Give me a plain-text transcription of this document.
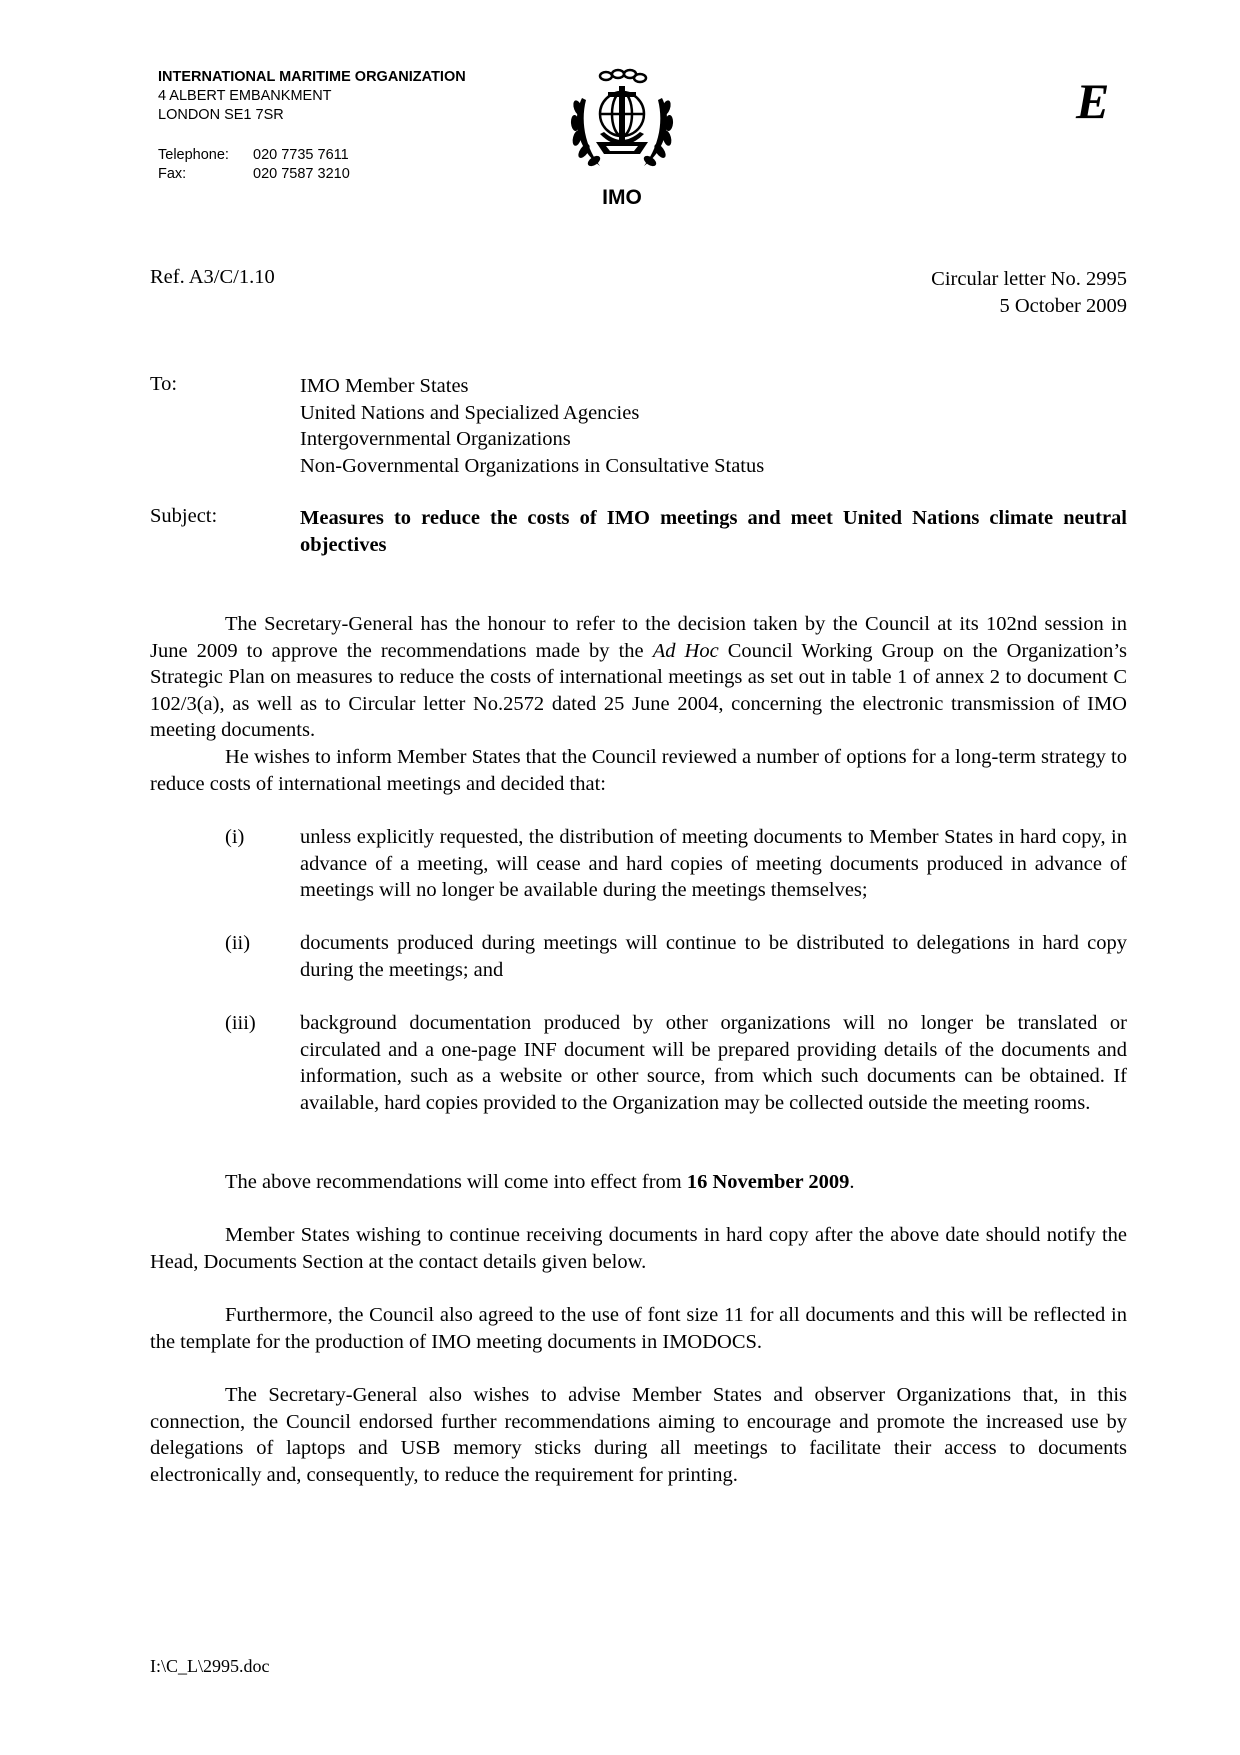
INTERNATIONAL MARITIME ORGANIZATION
4 ALBERT EMBANKMENT
LONDON SE1 7SR
Telephone:	020 7735 7611
Fax:	020 7587 3210
IMO
E
Ref. A3/C/1.10	Circular letter No. 2995
5 October 2009
To:	IMO Member States
United Nations and Specialized Agencies
Intergovernmental Organizations
Non-Governmental Organizations in Consultative Status
Subject:	Measures to reduce the costs of IMO meetings and meet United Nations climate neutral objectives

The Secretary-General has the honour to refer to the decision taken by the Council at its 102nd session in June 2009 to approve the recommendations made by the Ad Hoc Council Working Group on the Organization’s Strategic Plan on measures to reduce the costs of international meetings as set out in table 1 of annex 2 to document C 102/3(a), as well as to Circular letter No.2572 dated 25 June 2004, concerning the electronic transmission of IMO meeting documents.

He wishes to inform Member States that the Council reviewed a number of options for a long-term strategy to reduce costs of international meetings and decided that:

(i)	unless explicitly requested, the distribution of meeting documents to Member States in hard copy, in advance of a meeting, will cease and hard copies of meeting documents produced in advance of meetings will no longer be available during the meetings themselves;
(ii) documents produced during meetings will continue to be distributed to delegations in hard copy during the meetings; and
(iii) background documentation produced by other organizations will no longer be translated or circulated and a one-page INF document will be prepared providing details of the documents and information, such as a website or other source, from which such documents can be obtained. If available, hard copies provided to the Organization may be collected outside the meeting rooms.

The above recommendations will come into effect from 16 November 2009.

Member States wishing to continue receiving documents in hard copy after the above date should notify the Head, Documents Section at the contact details given below.

Furthermore, the Council also agreed to the use of font size 11 for all documents and this will be reflected in the template for the production of IMO meeting documents in IMODOCS.

The Secretary-General also wishes to advise Member States and observer Organizations that, in this connection, the Council endorsed further recommendations aiming to encourage and promote the increased use by delegations of laptops and USB memory sticks during all meetings to facilitate their access to documents electronically and, consequently, to reduce the requirement for printing.

I:\C_L\2995.doc
